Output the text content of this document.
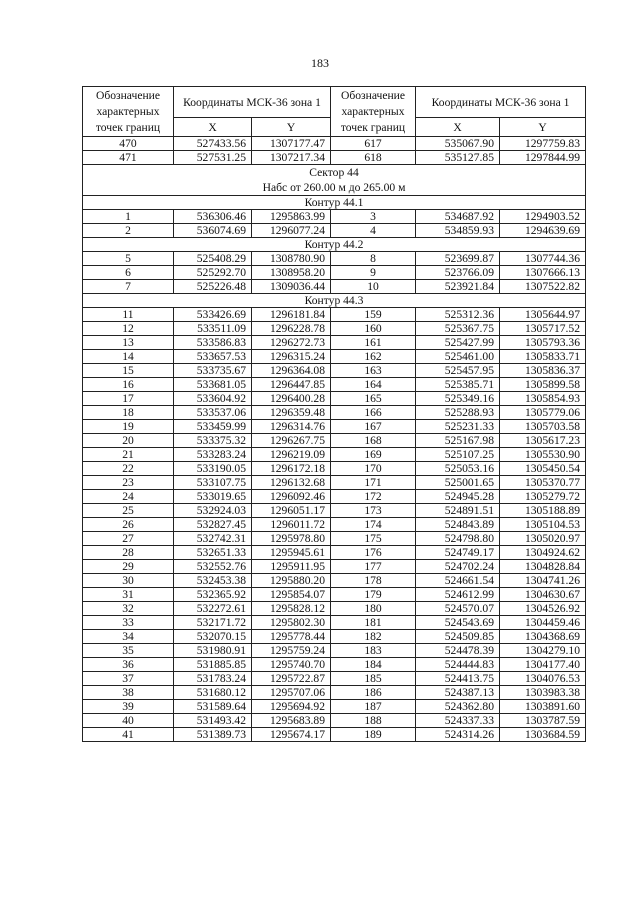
183
Обозначение характерных точек границ	Координаты МСК-36 зона 1		Обозначение характерных точек границ	Координаты МСК-36 зона 1	
	X	Y		X	Y
470	527433.56	1307177.47	617	535067.90	1297759.83
471	527531.25	1307217.34	618	535127.85	1297844.99

Сектор 44
Набс от 260.00 м до 265.00 м					

Контур 44.1					
1	536306.46	1295863.99	3	534687.92	1294903.52
2	536074.69	1296077.24	4	534859.93	1294639.69
Контур 44.2					
5	525408.29	1308780.90	8	523699.87	1307744.36
6	525292.70	1308958.20	9	523766.09	1307666.13
7	525226.48	1309036.44	10	523921.84	1307522.82
Контур 44.3					
11	533426.69	1296181.84	159	525312.36	1305644.97
12	533511.09	1296228.78	160	525367.75	1305717.52
13	533586.83	1296272.73	161	525427.99	1305793.36
14	533657.53	1296315.24	162	525461.00	1305833.71
15	533735.67	1296364.08	163	525457.95	1305836.37
16	533681.05	1296447.85	164	525385.71	1305899.58
17	533604.92	1296400.28	165	525349.16	1305854.93
18	533537.06	1296359.48	166	525288.93	1305779.06
19	533459.99	1296314.76	167	525231.33	1305703.58
20	533375.32	1296267.75	168	525167.98	1305617.23
21	533283.24	1296219.09	169	525107.25	1305530.90
22	533190.05	1296172.18	170	525053.16	1305450.54
23	533107.75	1296132.68	171	525001.65	1305370.77
24	533019.65	1296092.46	172	524945.28	1305279.72
25	532924.03	1296051.17	173	524891.51	1305188.89
26	532827.45	1296011.72	174	524843.89	1305104.53
27	532742.31	1295978.80	175	524798.80	1305020.97
28	532651.33	1295945.61	176	524749.17	1304924.62
29	532552.76	1295911.95	177	524702.24	1304828.84
30	532453.38	1295880.20	178	524661.54	1304741.26
31	532365.92	1295854.07	179	524612.99	1304630.67
32	532272.61	1295828.12	180	524570.07	1304526.92
33	532171.72	1295802.30	181	524543.69	1304459.46
34	532070.15	1295778.44	182	524509.85	1304368.69
35	531980.91	1295759.24	183	524478.39	1304279.10
36	531885.85	1295740.70	184	524444.83	1304177.40
37	531783.24	1295722.87	185	524413.75	1304076.53
38	531680.12	1295707.06	186	524387.13	1303983.38
39	531589.64	1295694.92	187	524362.80	1303891.60
40	531493.42	1295683.89	188	524337.33	1303787.59
41	531389.73	1295674.17	189	524314.26	1303684.59
